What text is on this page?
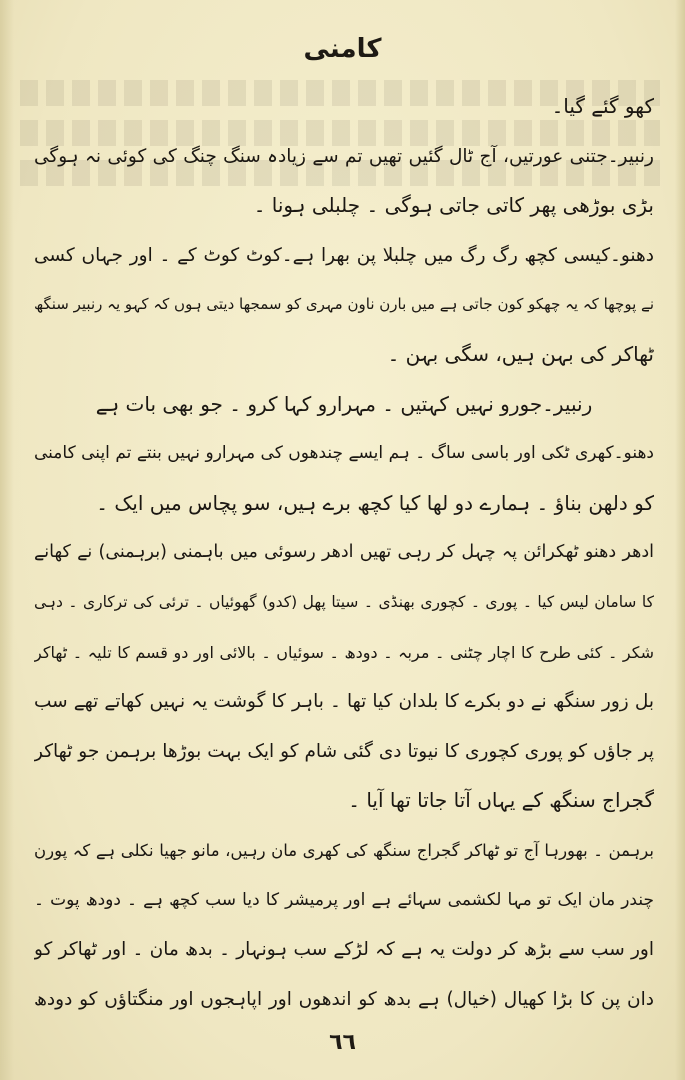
کامنی
کھو گئے گیا۔
رنبیر۔جتنی عورتیں، آج ٹال گئیں تھیں تم سے زیادہ سنگ چنگ کی کوئی نہ ہوگی
بڑی بوڑھی پھر کاتی جاتی ہوگی ۔ چلبلی ہونا ۔
دھنو۔کیسی کچھ رگ رگ میں چلبلا پن بھرا ہے۔کوٹ کوٹ کے ۔ اور جہاں کسی
نے پوچھا کہ یہ چھکو کون جاتی ہے میں بارن ناون مہری کو سمجھا دیتی ہوں کہ کہو یہ رنبیر سنگھ
ٹھاکر کی بہن ہیں، سگی بہن ۔
رنبیر۔جورو نہیں کہتیں ۔ مہرارو کہا کرو ۔ جو بھی بات ہے
دھنو۔کھری ٹکی اور باسی ساگ ۔ ہم ایسے چندھوں کی مہرارو نہیں بنتے تم اپنی کامنی
کو دلھن بناؤ ۔ ہمارے دو لھا کیا کچھ برے ہیں، سو پچاس میں ایک ۔
ادھر دھنو ٹھکرائن پہ چہل کر رہی تھیں ادھر رسوئی میں باہمنی (برہمنی) نے کھانے
کا سامان لیس کیا ۔ پوری ۔ کچوری بھنڈی ۔ سیتا پھل (کدو) گھوئیاں ۔ ترئی کی ترکاری ۔ دہی
شکر ۔ کئی طرح کا اچار چٹنی ۔ مربہ ۔ دودھ ۔ سوئیاں ۔ بالائی اور دو قسم کا تلیہ ۔ ٹھاکر
بل زور سنگھ نے دو بکرے کا بلدان کیا تھا ۔ باہر کا گوشت یہ نہیں کھاتے تھے سب
پر جاؤں کو پوری کچوری کا نیوتا دی گئی شام کو ایک بہت بوڑھا برہمن جو ٹھاکر
گجراج سنگھ کے یہاں آتا جاتا تھا آیا ۔
برہمن ۔ بھورہا آج تو ٹھاکر گجراج سنگھ کی کھری مان رہیں، مانو جھیا نکلی ہے کہ پورن
چندر مان ایک تو مہا لکشمی سہائے ہے اور پرمیشر کا دیا سب کچھ ہے ۔ دودھ پوت ۔
اور سب سے بڑھ کر دولت یہ ہے کہ لڑکے سب ہونہار ۔ بدھ مان ۔ اور ٹھاکر کو
دان پن کا بڑا کھیال (خیال) ہے بدھ کو اندھوں اور اپاہجوں اور منگتاؤں کو دودھ
٦٦
